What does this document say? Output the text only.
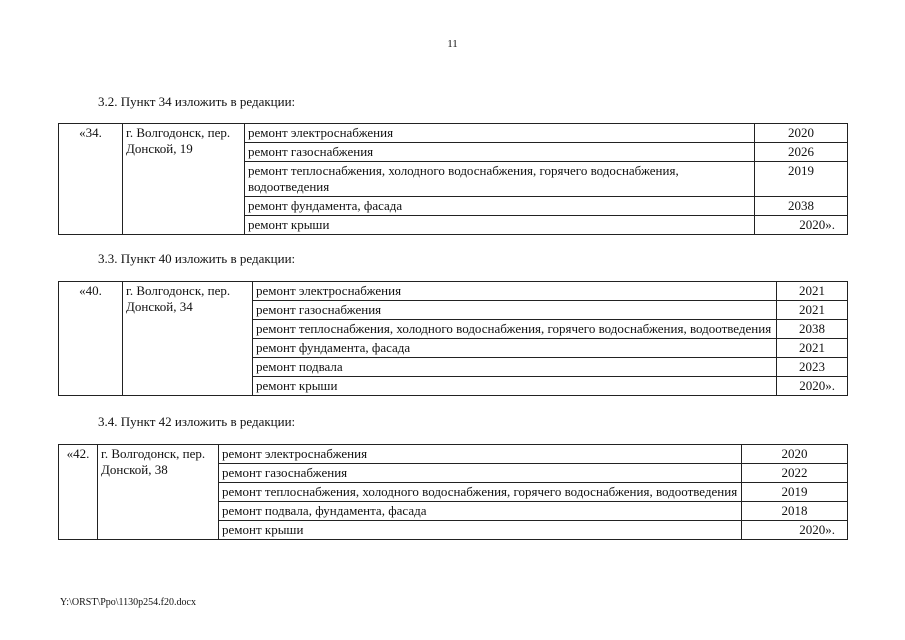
11
3.2. Пункт 34 изложить в редакции:
«34.	г. Волгодонск, пер. Донской, 19	ремонт электроснабжения	2020
		ремонт газоснабжения	2026
		ремонт теплоснабжения, холодного водоснабжения, горячего водоснабжения, водоотведения	2019
		ремонт фундамента, фасада	2038
		ремонт крыши	2020».
3.3. Пункт 40 изложить в редакции:
«40.	г. Волгодонск, пер. Донской, 34	ремонт электроснабжения	2021
		ремонт газоснабжения	2021
		ремонт теплоснабжения, холодного водоснабжения, горячего водоснабжения, водоотведения	2038
		ремонт фундамента, фасада	2021
		ремонт подвала	2023
		ремонт крыши	2020».
3.4. Пункт 42 изложить в редакции:
«42.	г. Волгодонск, пер. Донской, 38	ремонт электроснабжения	2020
		ремонт газоснабжения	2022
		ремонт теплоснабжения, холодного водоснабжения, горячего водоснабжения, водоотведения	2019
		ремонт подвала, фундамента, фасада	2018
		ремонт крыши	2020».
Y:\ORST\Ppo\1130p254.f20.docx
